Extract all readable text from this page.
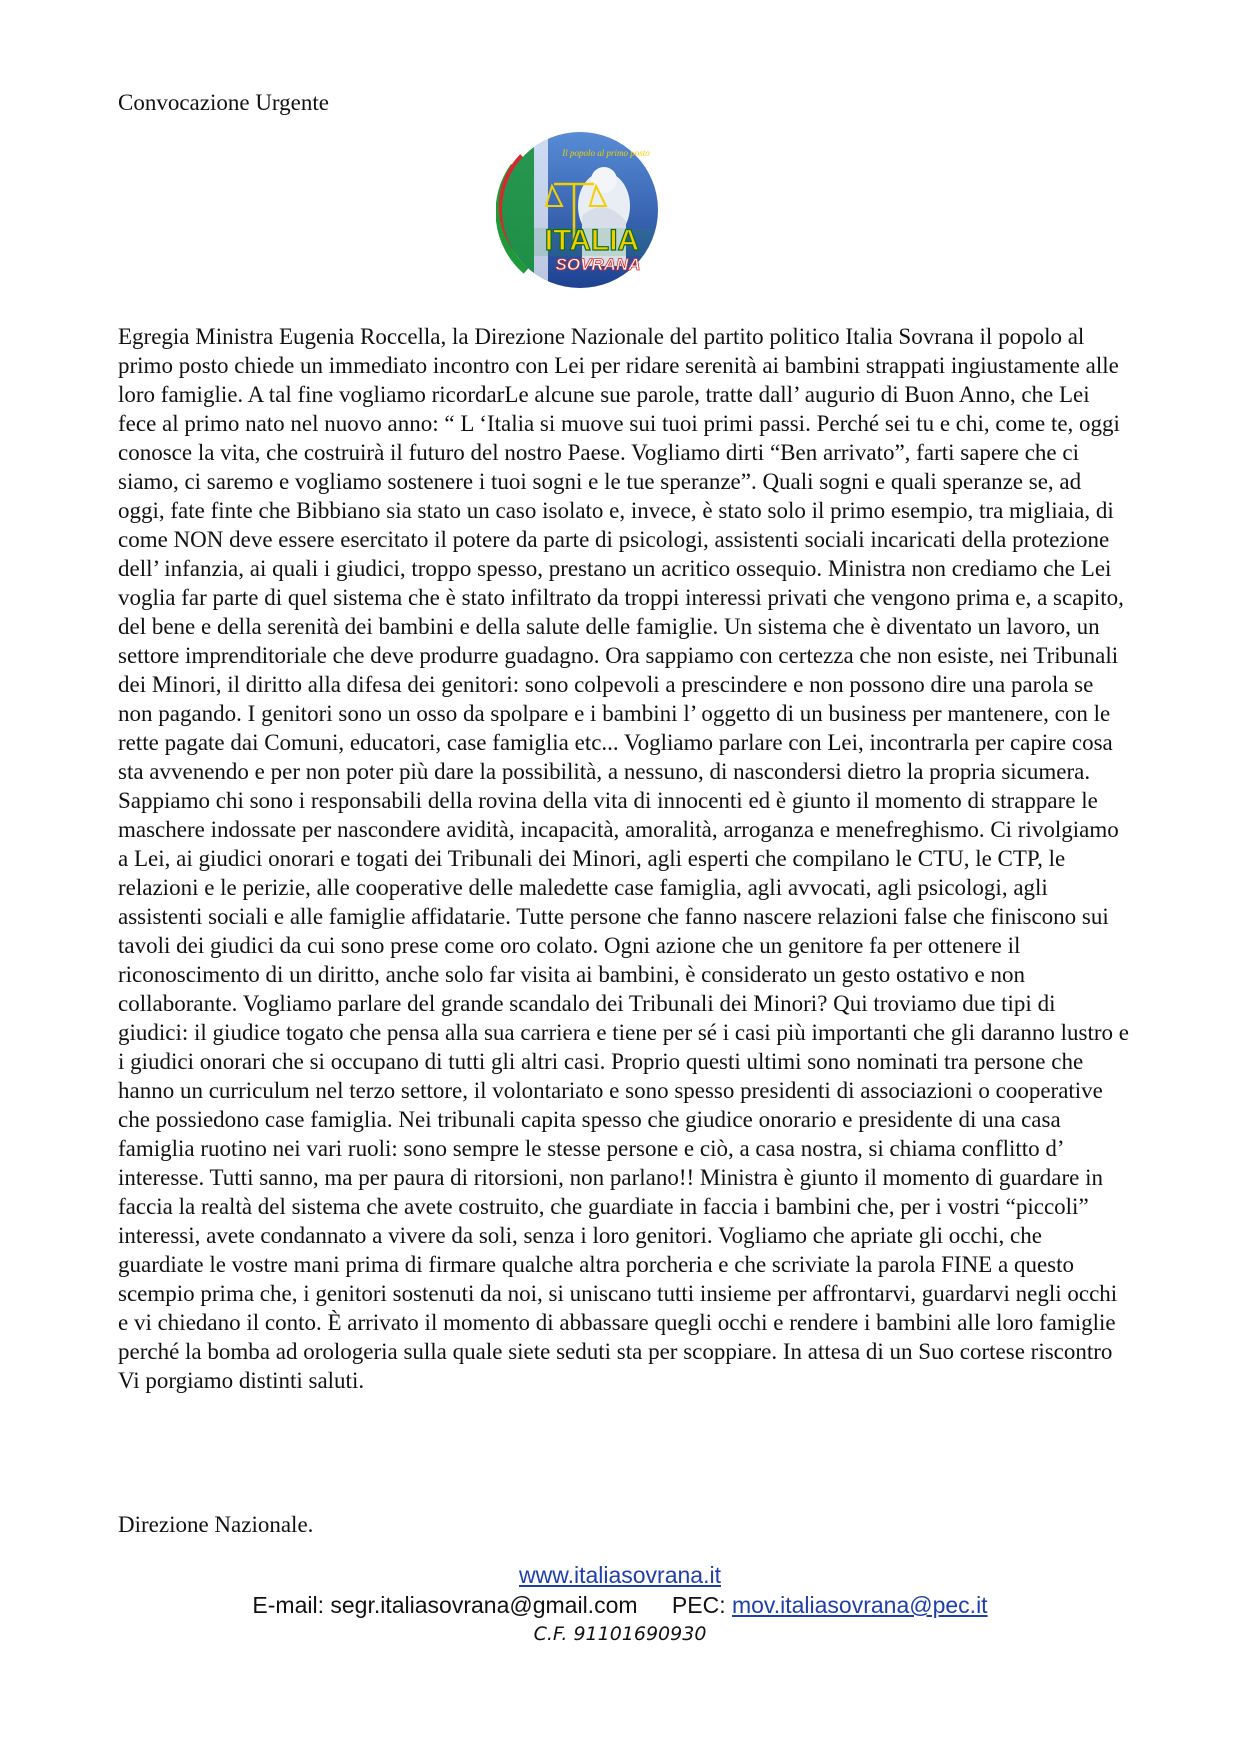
Convocazione Urgente
Il popolo al primo posto
ITALIA
SOVRANA

Egregia Ministra Eugenia Roccella, la Direzione Nazionale del partito politico Italia Sovrana il popolo al primo posto chiede un immediato incontro con Lei per ridare serenità ai bambini strappati ingiustamente alle loro famiglie. A tal fine vogliamo ricordarLe alcune sue parole, tratte dall’ augurio di Buon Anno, che Lei fece al primo nato nel nuovo anno: “ L ‘Italia si muove sui tuoi primi passi. Perché sei tu e chi, come te, oggi conosce la vita, che costruirà il futuro del nostro Paese. Vogliamo dirti “Ben arrivato”, farti sapere che ci siamo, ci saremo e vogliamo sostenere i tuoi sogni e le tue speranze”. Quali sogni e quali speranze se, ad oggi, fate finte che Bibbiano sia stato un caso isolato e, invece, è stato solo il primo esempio, tra migliaia, di come NON deve essere esercitato il potere da parte di psicologi, assistenti sociali incaricati della protezione dell’ infanzia, ai quali i giudici, troppo spesso, prestano un acritico ossequio. Ministra non crediamo che Lei voglia far parte di quel sistema che è stato infiltrato da troppi interessi privati che vengono prima e, a scapito, del bene e della serenità dei bambini e della salute delle famiglie. Un sistema che è diventato un lavoro, un settore imprenditoriale che deve produrre guadagno. Ora sappiamo con certezza che non esiste, nei Tribunali dei Minori, il diritto alla difesa dei genitori: sono colpevoli a prescindere e non possono dire una parola se non pagando. I genitori sono un osso da spolpare e i bambini l’ oggetto di un business per mantenere, con le rette pagate dai Comuni, educatori, case famiglia etc... Vogliamo parlare con Lei, incontrarla per capire cosa sta avvenendo e per non poter più dare la possibilità, a nessuno, di nascondersi dietro la propria sicumera. Sappiamo chi sono i responsabili della rovina della vita di innocenti ed è giunto il momento di strappare le maschere indossate per nascondere avidità, incapacità, amoralità, arroganza e menefreghismo. Ci rivolgiamo a Lei, ai giudici onorari e togati dei Tribunali dei Minori, agli esperti che compilano le CTU, le CTP, le relazioni e le perizie, alle cooperative delle maledette case famiglia, agli avvocati, agli psicologi, agli assistenti sociali e alle famiglie affidatarie. Tutte persone che fanno nascere relazioni false che finiscono sui tavoli dei giudici da cui sono prese come oro colato. Ogni azione che un genitore fa per ottenere il riconoscimento di un diritto, anche solo far visita ai bambini, è considerato un gesto ostativo e non collaborante. Vogliamo parlare del grande scandalo dei Tribunali dei Minori? Qui troviamo due tipi di giudici: il giudice togato che pensa alla sua carriera e tiene per sé i casi più importanti che gli daranno lustro e i giudici onorari che si occupano di tutti gli altri casi. Proprio questi ultimi sono nominati tra persone che hanno un curriculum nel terzo settore, il volontariato e sono spesso presidenti di associazioni o cooperative che possiedono case famiglia. Nei tribunali capita spesso che giudice onorario e presidente di una casa famiglia ruotino nei vari ruoli: sono sempre le stesse persone e ciò, a casa nostra, si chiama conflitto d’ interesse. Tutti sanno, ma per paura di ritorsioni, non parlano!! Ministra è giunto il momento di guardare in faccia la realtà del sistema che avete costruito, che guardiate in faccia i bambini che, per i vostri “piccoli” interessi, avete condannato a vivere da soli, senza i loro genitori. Vogliamo che apriate gli occhi, che guardiate le vostre mani prima di firmare qualche altra porcheria e che scriviate la parola FINE a questo scempio prima che, i genitori sostenuti da noi, si uniscano tutti insieme per affrontarvi, guardarvi negli occhi e vi chiedano il conto. È arrivato il momento di abbassare quegli occhi e rendere i bambini alle loro famiglie perché la bomba ad orologeria sulla quale siete seduti sta per scoppiare. In attesa di un Suo cortese riscontro Vi porgiamo distinti saluti.

Direzione Nazionale.
www.italiasovrana.it
E-mail: segr.italiasovrana@gmail.com PEC: mov.italiasovrana@pec.it
C.F. 91101690930
